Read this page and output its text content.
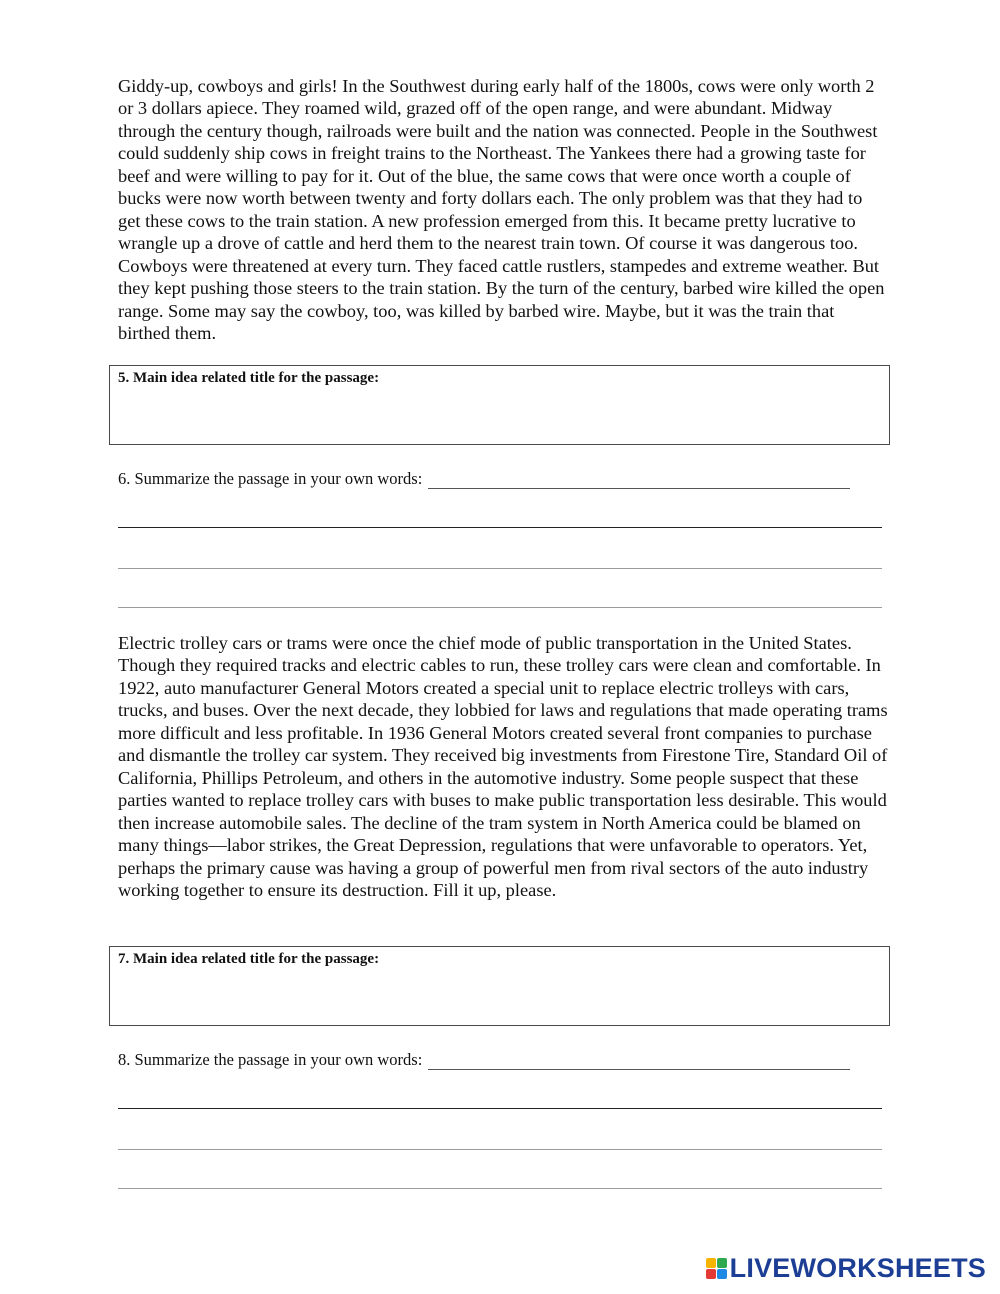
Giddy-up, cowboys and girls! In the Southwest during early half of the 1800s, cows were only worth 2 or 3 dollars apiece. They roamed wild, grazed off of the open range, and were abundant. Midway through the century though, railroads were built and the nation was connected. People in the Southwest could suddenly ship cows in freight trains to the Northeast. The Yankees there had a growing taste for beef and were willing to pay for it. Out of the blue, the same cows that were once worth a couple of bucks were now worth between twenty and forty dollars each. The only problem was that they had to get these cows to the train station. A new profession emerged from this. It became pretty lucrative to wrangle up a drove of cattle and herd them to the nearest train town. Of course it was dangerous too. Cowboys were threatened at every turn. They faced cattle rustlers, stampedes and extreme weather. But they kept pushing those steers to the train station. By the turn of the century, barbed wire killed the open range. Some may say the cowboy, too, was killed by barbed wire. Maybe, but it was the train that birthed them.

5. Main idea related title for the passage:
6. Summarize the passage in your own words:

Electric trolley cars or trams were once the chief mode of public transportation in the United States. Though they required tracks and electric cables to run, these trolley cars were clean and comfortable. In 1922, auto manufacturer General Motors created a special unit to replace electric trolleys with cars, trucks, and buses. Over the next decade, they lobbied for laws and regulations that made operating trams more difficult and less profitable. In 1936 General Motors created several front companies to purchase and dismantle the trolley car system. They received big investments from Firestone Tire, Standard Oil of California, Phillips Petroleum, and others in the automotive industry. Some people suspect that these parties wanted to replace trolley cars with buses to make public transportation less desirable. This would then increase automobile sales. The decline of the tram system in North America could be blamed on many things—labor strikes, the Great Depression, regulations that were unfavorable to operators. Yet, perhaps the primary cause was having a group of powerful men from rival sectors of the auto industry working together to ensure its destruction. Fill it up, please.

7. Main idea related title for the passage:
8. Summarize the passage in your own words:
LIVEWORKSHEETS
